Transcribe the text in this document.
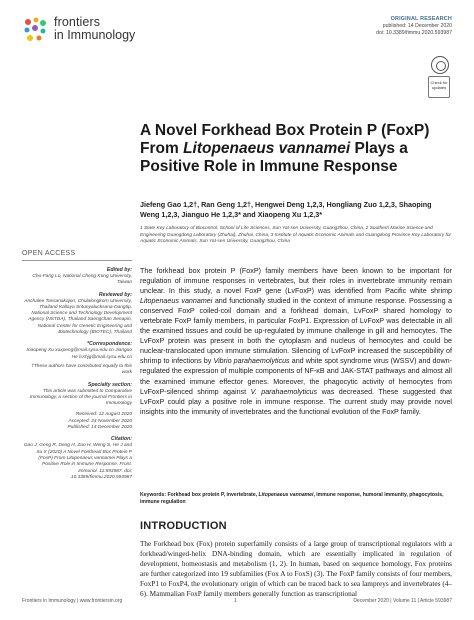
frontiers
in Immunology
ORIGINAL RESEARCH
published: 14 December 2020
doi: 10.3389/fimmu.2020.593987
Check for updates
A Novel Forkhead Box Protein P (FoxP) From Litopenaeus vannamei Plays a Positive Role in Immune Response
Jiefeng Gao 1,2†, Ran Geng 1,2†, Hengwei Deng 1,2,3, Hongliang Zuo 1,2,3, Shaoping Weng 1,2,3, Jianguo He 1,2,3* and Xiaopeng Xu 1,2,3*
1 State Key Laboratory of Biocontrol, School of Life Sciences, Sun Yat-sen University, Guangzhou, China, 2 Southern Marine Science and Engineering Guangdong Laboratory (Zhuhai), Zhuhai, China, 3 Institute of Aquatic Economic Animals and Guangdong Province Key Laboratory for Aquatic Economic Animals, Sun Yat-sen University, Guangzhou, China
OPEN ACCESS
Edited by:
Chu-Fang Lo, National Cheng Kung University, Taiwan
Reviewed by:
Anchalee Tassanakajon, Chulalongkorn University, Thailand Kallaya Sritunyalucksana-Dangtip, National Science and Technology Development Agency (NSTDA), Thailand Saengchan Senapin, National Center for Genetic Engineering and Biotechnology (BIOTEC), Thailand
*Correspondence:
Xiaopeng Xu xuxpeng@mail.sysu.edu.cn Jianguo He lsshjg@mail.sysu.edu.cn
†These authors have contributed equally to this work
Specialty section:
This article was submitted to Comparative Immunology, a section of the journal Frontiers in Immunology
Received: 12 August 2020
Accepted: 24 November 2020
Published: 14 December 2020
Citation:
Gao J, Geng R, Deng H, Zuo H, Weng S, He J and Xu X (2020) A Novel Forkhead Box Protein P (FoxP) From Litopenaeus vannamei Plays a Positive Role in Immune Response. Front. Immunol. 11:593987. doi: 10.3389/fimmu.2020.593987
The forkhead box protein P (FoxP) family members have been known to be important for regulation of immune responses in vertebrates, but their roles in invertebrate immunity remain unclear. In this study, a novel FoxP gene (LvFoxP) was identified from Pacific white shrimp Litopenaeus vannamei and functionally studied in the context of immune response. Possessing a conserved FoxP coiled-coil domain and a forkhead domain, LvFoxP shared homology to vertebrate FoxP family members, in particular FoxP1. Expression of LvFoxP was detectable in all the examined tissues and could be up-regulated by immune challenge in gill and hemocytes. The LvFoxP protein was present in both the cytoplasm and nucleus of hemocytes and could be nuclear-translocated upon immune stimulation. Silencing of LvFoxP increased the susceptibility of shrimp to infections by Vibrio parahaemolyticus and white spot syndrome virus (WSSV) and down-regulated the expression of multiple components of NF-κB and JAK-STAT pathways and almost all the examined immune effector genes. Moreover, the phagocytic activity of hemocytes from LvFoxP-silenced shrimp against V. parahaemolyticus was decreased. These suggested that LvFoxP could play a positive role in immune response. The current study may provide novel insights into the immunity of invertebrates and the functional evolution of the FoxP family.
Keywords: Forkhead box protein P, invertebrate, Litopenaeus vannamei, immune response, humoral immunity, phagocytosis, immune regulation
INTRODUCTION
The Forkhead box (Fox) protein superfamily consists of a large group of transcriptional regulators with a forkhead/winged-helix DNA-binding domain, which are essentially implicated in regulation of development, homeostasis and metabolism (1, 2). In human, based on sequence homology, Fox proteins are further categorized into 19 subfamilies (Fox A to FoxS) (3). The FoxP family consists of four members, FoxP1 to FoxP4, the evolutionary origin of which can be traced back to sea lampreys and invertebrates (4–6). Mammalian FoxP family members generally function as transcriptional
Frontiers in Immunology | www.frontiersin.org	1	December 2020 | Volume 11 | Article 593987
